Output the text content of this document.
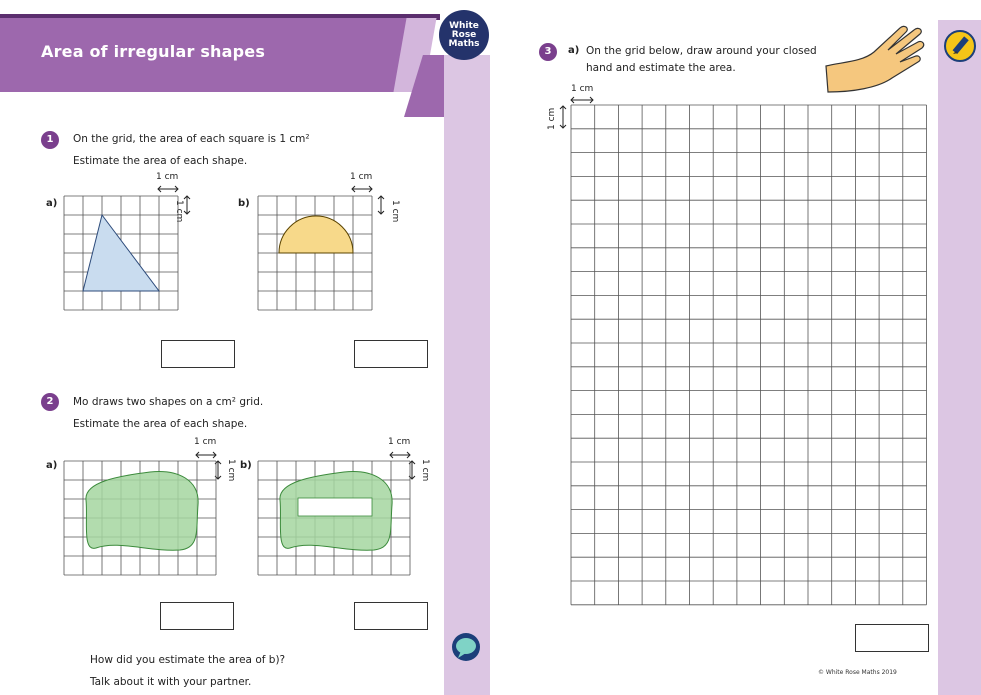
Area of irregular shapes
White
Rose
Maths
1	On the grid, the area of each square is 1 cm²
Estimate the area of each shape.
a)
1 cm
1 cm	b)
1 cm
1 cm
2	Mo draws two shapes on a cm² grid.
Estimate the area of each shape.
a)
1 cm
1 cm b)
1 cm
1 cm
How did you estimate the area of b)?
Talk about it with your partner.
3	a) On the grid below, draw around your closed
hand and estimate the area.
1 cm
1 cm
© White Rose Maths 2019
